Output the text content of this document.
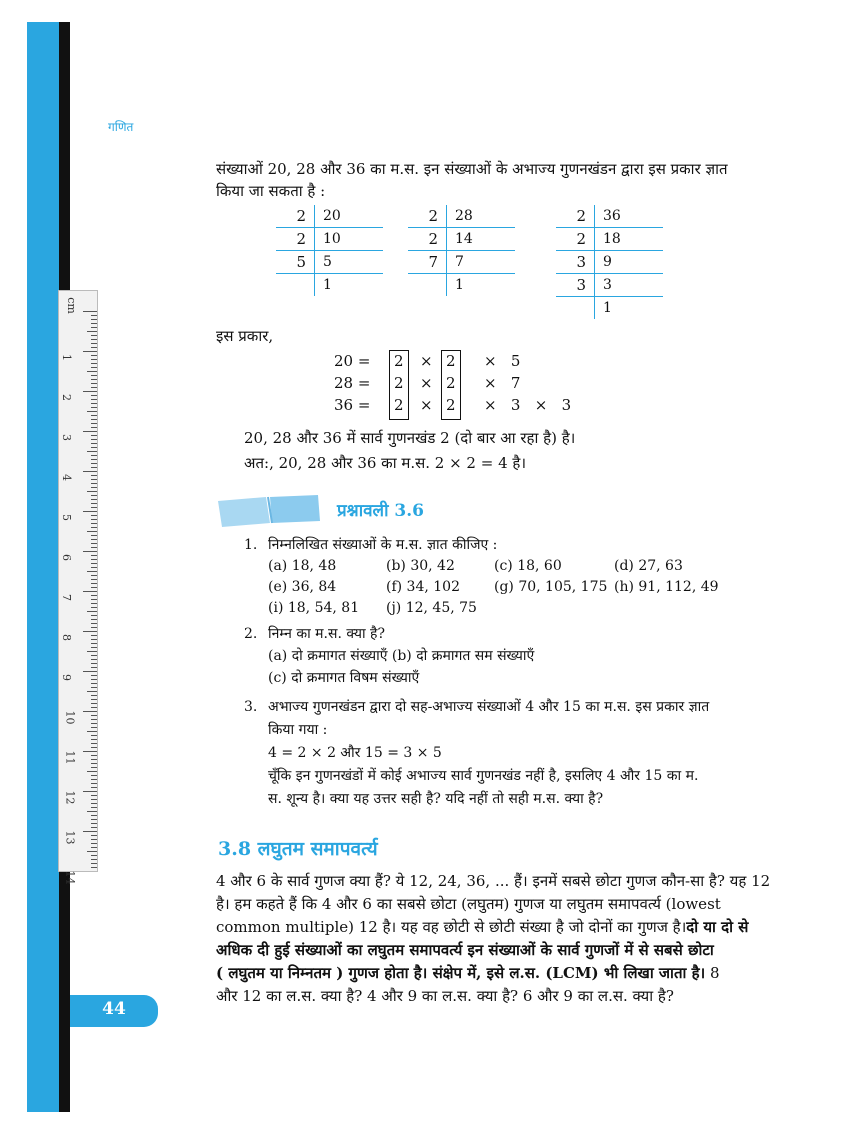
cm
1
2
3
4
5
6
7
8
9
10
11
12
13
14
गणित
संख्याओं 20, 28 और 36 का म.स. इन संख्याओं के अभाज्य गुणनखंडन द्वारा इस प्रकार ज्ञात
किया जा सकता है :
2	20
2	10
5	5
	1
2	28
2	14
7	7
	1
2	36
2	18
3	9
3	3
	1
इस प्रकार,
20 = 2 × 2 ×   5
28 = 2 × 2 ×   7
36 = 2 × 2 ×   3   ×   3
20, 28 और 36 में सार्व गुणनखंड 2 (दो बार आ रहा है) है।
अत:, 20, 28 और 36 का म.स. 2 × 2 = 4 है।
प्रश्नावली 3.6
1. निम्नलिखित संख्याओं के म.स. ज्ञात कीजिए :
(a) 18, 48	(b) 30, 42	(c) 18, 60	(d) 27, 63
(e) 36, 84	(f) 34, 102 (g) 70, 105, 175 (h) 91, 112, 49
(i) 18, 54, 81 (j) 12, 45, 75
2. निम्न का म.स. क्या है?
(a) दो क्रमागत संख्याएँ (b) दो क्रमागत सम संख्याएँ
(c) दो क्रमागत विषम संख्याएँ
3. अभाज्य गुणनखंडन द्वारा दो सह-अभाज्य संख्याओं 4 और 15 का म.स. इस प्रकार ज्ञात
किया गया :
4 = 2 × 2 और 15 = 3 × 5
चूँकि इन गुणनखंडों में कोई अभाज्य सार्व गुणनखंड नहीं है, इसलिए 4 और 15 का म.
स. शून्य है। क्या यह उत्तर सही है? यदि नहीं तो सही म.स. क्या है?
3.8 लघुतम समापवर्त्य
4 और 6 के सार्व गुणज क्या हैं? ये 12, 24, 36, ... हैं। इनमें सबसे छोटा गुणज कौन-सा है? यह 12
है। हम कहते हैं कि 4 और 6 का सबसे छोटा (लघुतम) गुणज या लघुतम समापवर्त्य (lowest
common multiple) 12 है। यह वह छोटी से छोटी संख्या है जो दोनों का गुणज है।दो या दो से
अधिक दी हुई संख्याओं का लघुतम समापवर्त्य इन संख्याओं के सार्व गुणजों में से सबसे छोटा
( लघुतम या निम्नतम ) गुणज होता है। संक्षेप में, इसे ल.स. (LCM) भी लिखा जाता है। 8
और 12 का ल.स. क्या है? 4 और 9 का ल.स. क्या है? 6 और 9 का ल.स. क्या है?
44
